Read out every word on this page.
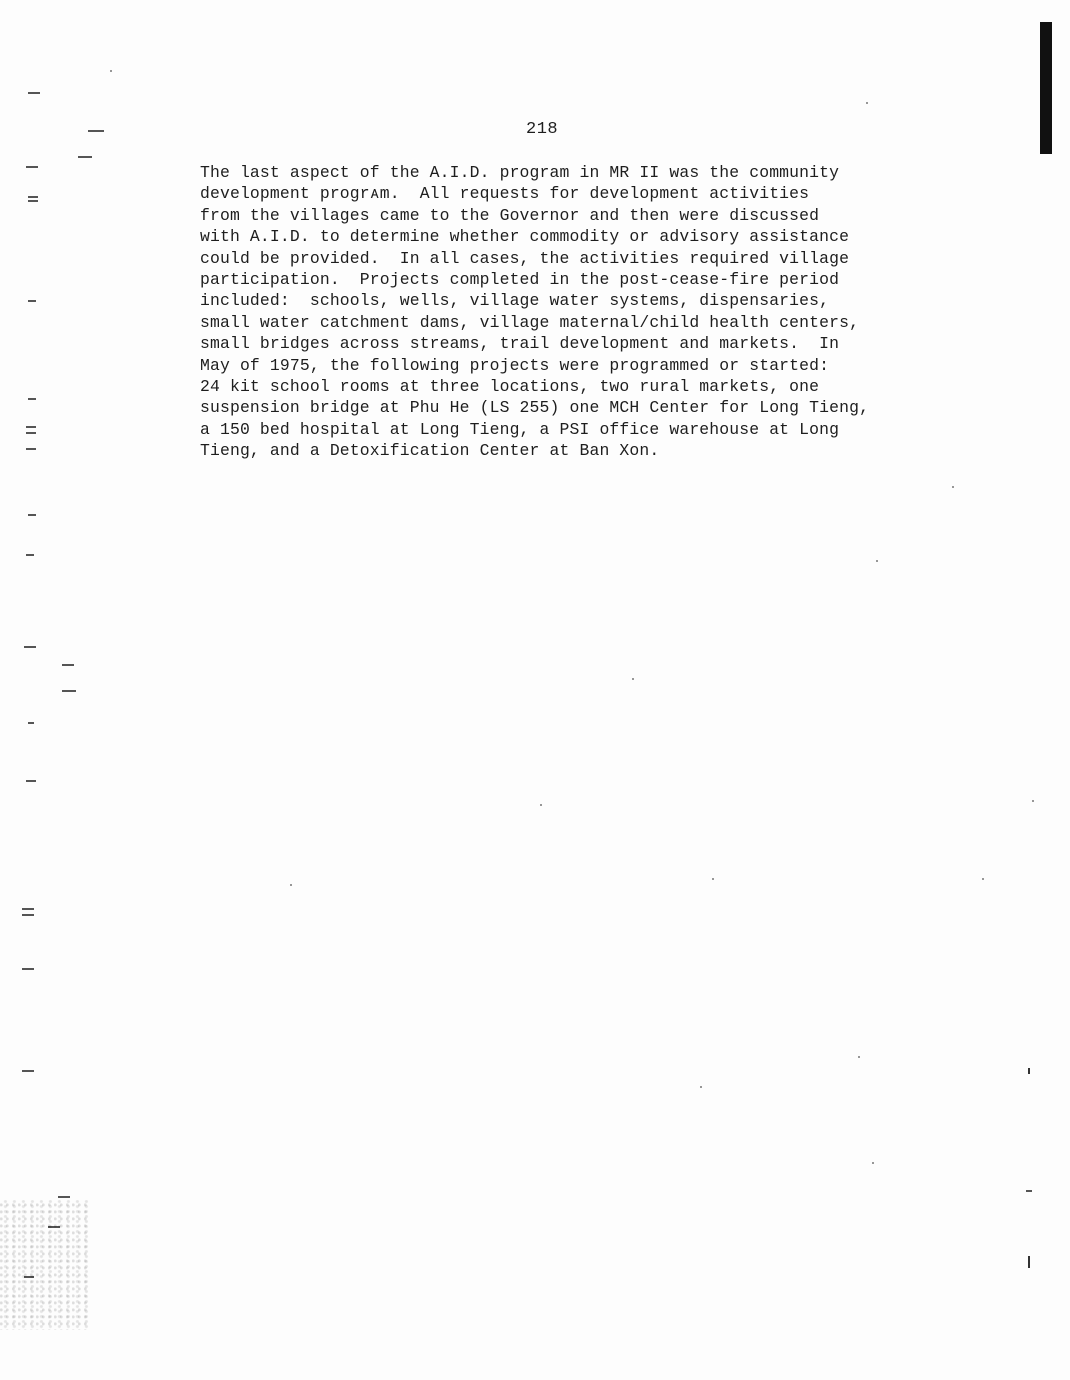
218
The last aspect of the A.I.D. program in MR II was the community
development progrᴀm.  All requests for development activities
from the villages came to the Governor and then were discussed
with A.I.D. to determine whether commodity or advisory assistance
could be provided.  In all cases, the activities required village
participation.  Projects completed in the post-cease-fire period
included:  schools, wells, village water systems, dispensaries,
small water catchment dams, village maternal/child health centers,
small bridges across streams, trail development and markets.  In
May of 1975, the following projects were programmed or started:
24 kit school rooms at three locations, two rural markets, one
suspension bridge at Phu He (LS 255) one MCH Center for Long Tieng,
a 150 bed hospital at Long Tieng, a PSI office warehouse at Long
Tieng, and a Detoxification Center at Ban Xon.
